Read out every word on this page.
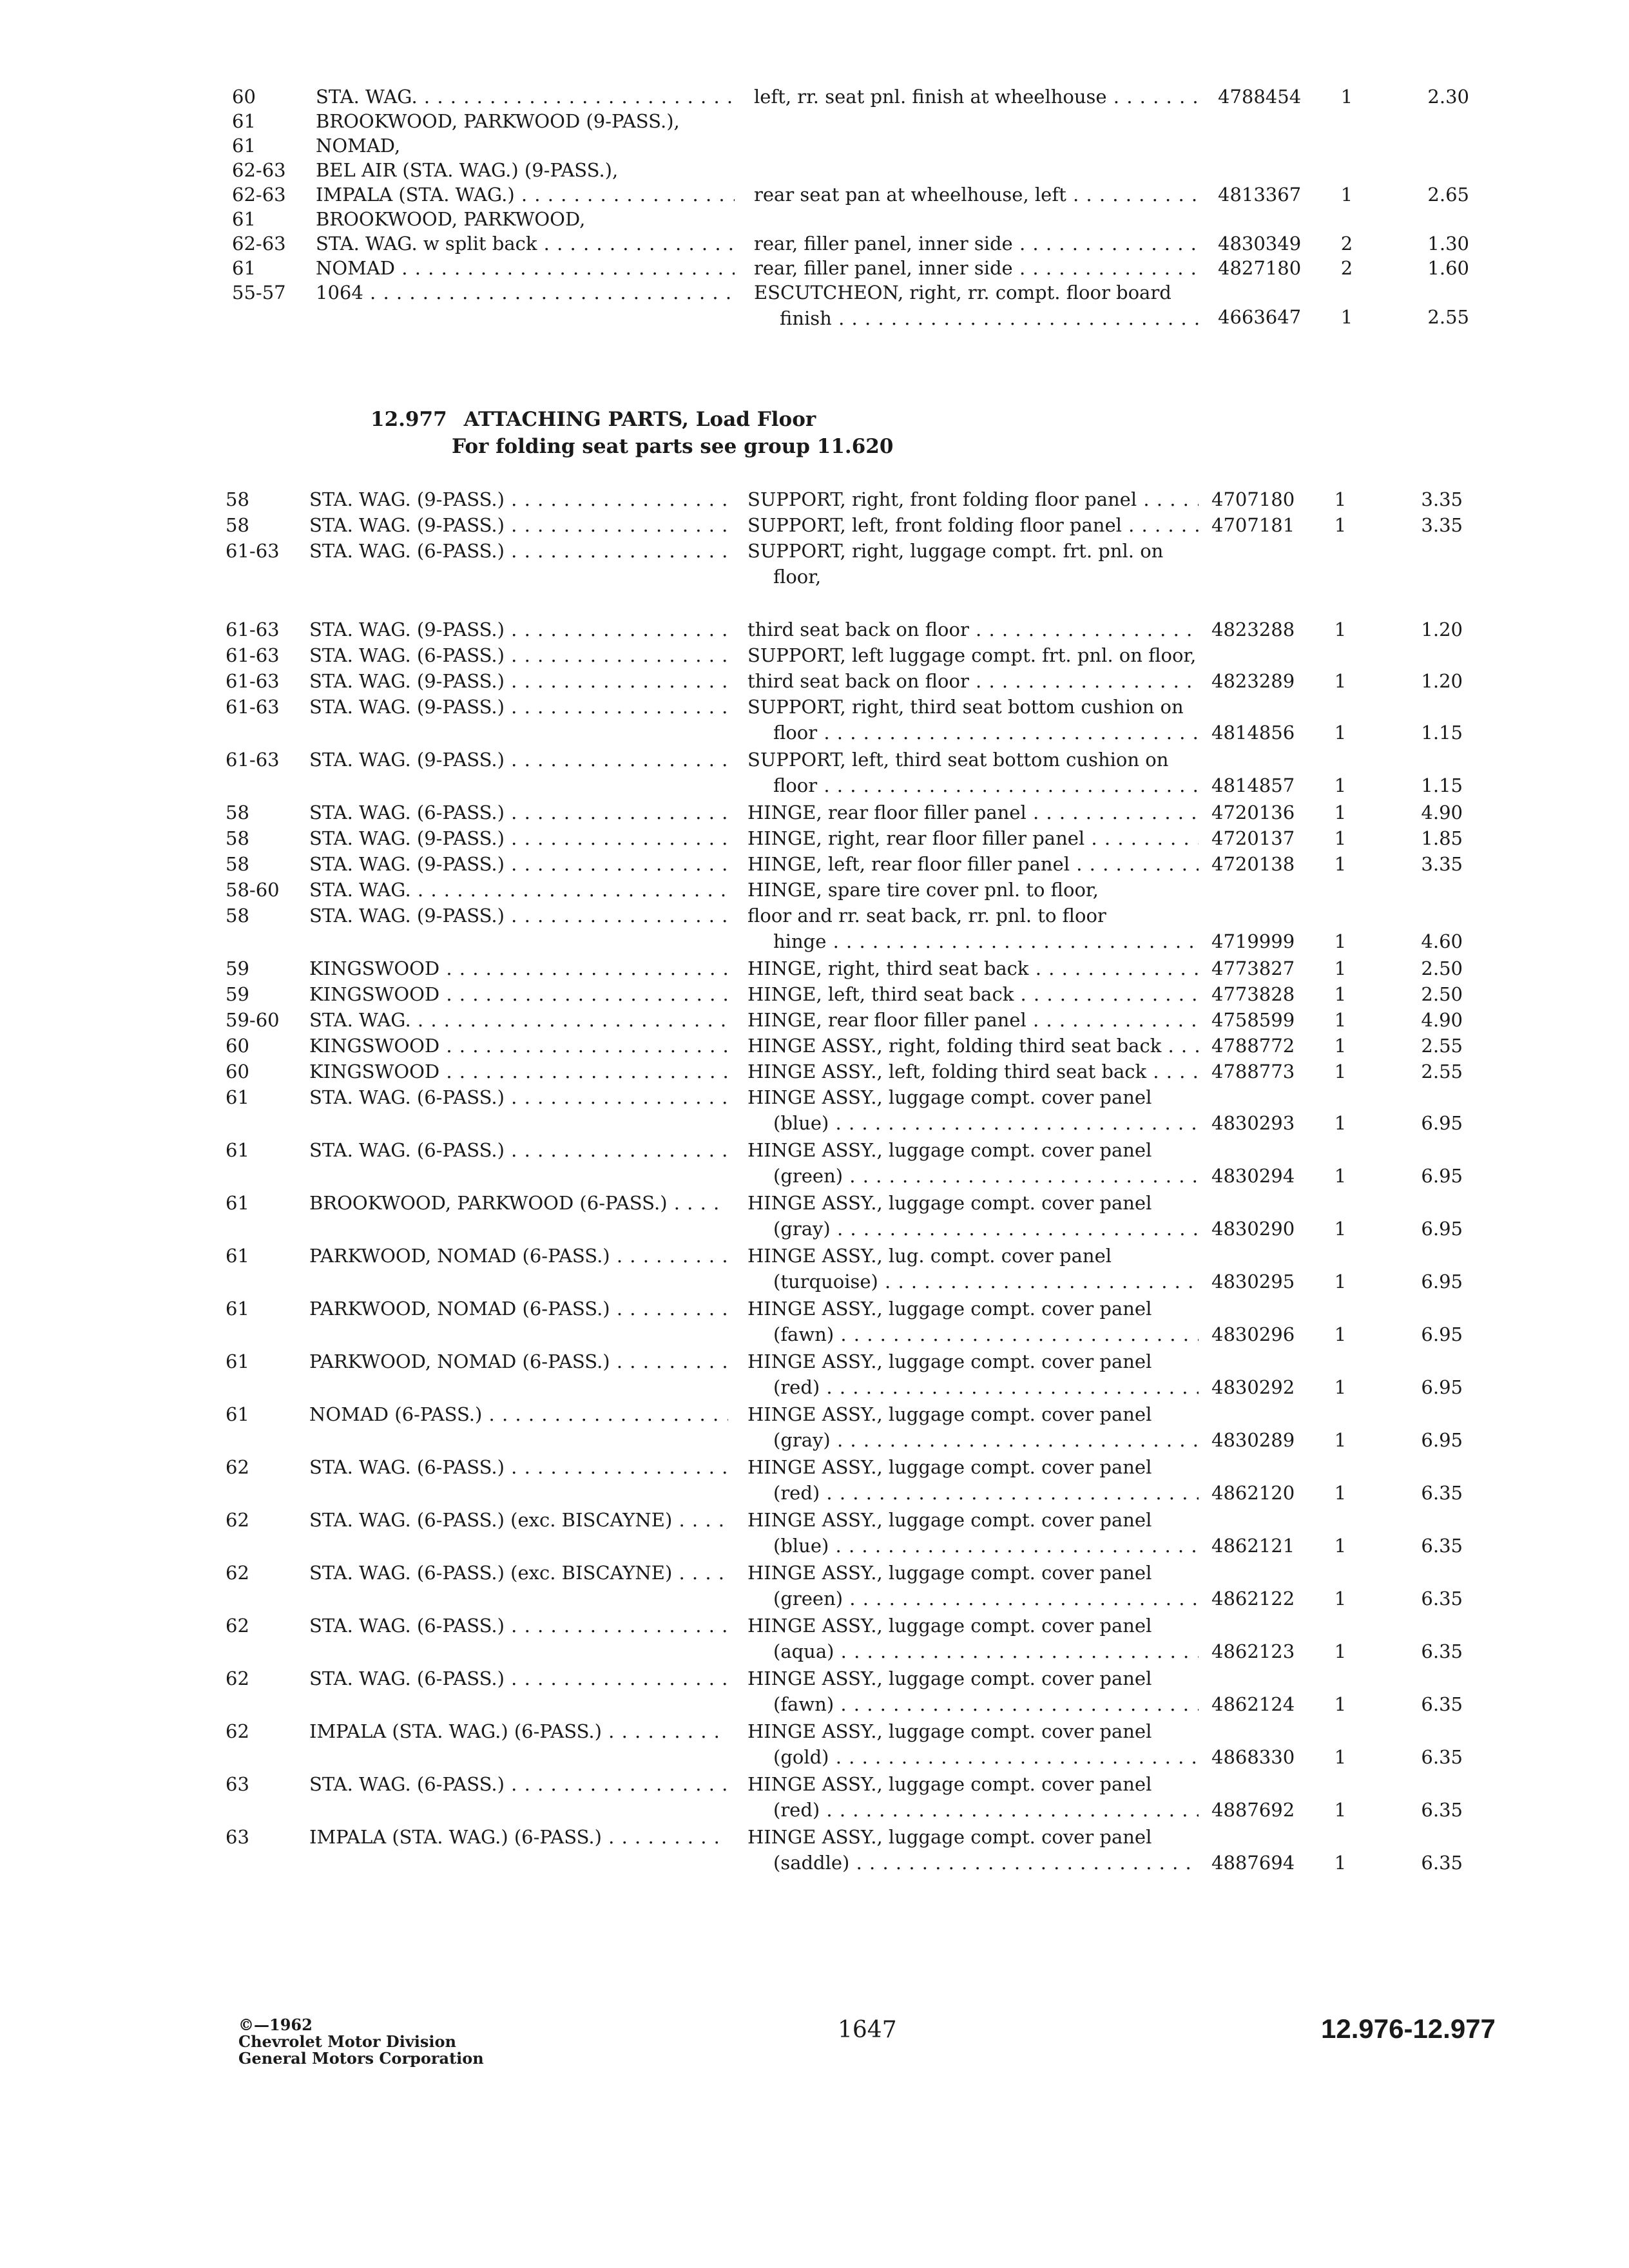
60	STA. WAG. . . .	left, rr. seat pnl. finish at wheelhouse . . .	4788454	1	2.30
61	BROOKWOOD, PARKWOOD (9-PASS.),
61	NOMAD,
62-63	BEL AIR (STA. WAG.) (9-PASS.),
62-63	IMPALA (STA. WAG.) . . .	rear seat pan at wheelhouse, left . . .	4813367	1	2.65
61	BROOKWOOD, PARKWOOD,
62-63	STA. WAG. w split back . . .	rear, filler panel, inner side . . .	4830349	2	1.30
61	NOMAD . . .	rear, filler panel, inner side . . .	4827180	2	1.60
55-57	1064 . . .	ESCUTCHEON, right, rr. compt. floor board
finish . . .	4663647	1	2.55
12.977 ATTACHING PARTS, Load Floor
For folding seat parts see group 11.620
58	STA. WAG. (9-PASS.) . . .	SUPPORT, right, front folding floor panel . . .	4707180	1	3.35
58	STA. WAG. (9-PASS.) . . .	SUPPORT, left, front folding floor panel . . .	4707181	1	3.35
61-63	STA. WAG. (6-PASS.) . . .	SUPPORT, right, luggage compt. frt. pnl. on
floor,
61-63	STA. WAG. (9-PASS.) . . .	third seat back on floor . . .	4823288	1	1.20
61-63	STA. WAG. (6-PASS.) . . .	SUPPORT, left luggage compt. frt. pnl. on floor,
61-63	STA. WAG. (9-PASS.) . . .	third seat back on floor . . .	4823289	1	1.20
61-63	STA. WAG. (9-PASS.) . . .	SUPPORT, right, third seat bottom cushion on
floor . . .	4814856	1	1.15
61-63	STA. WAG. (9-PASS.) . . .	SUPPORT, left, third seat bottom cushion on
floor . . .	4814857	1	1.15
58	STA. WAG. (6-PASS.) . . .	HINGE, rear floor filler panel . . .	4720136	1	4.90
58	STA. WAG. (9-PASS.) . . .	HINGE, right, rear floor filler panel . . .	4720137	1	1.85
58	STA. WAG. (9-PASS.) . . .	HINGE, left, rear floor filler panel . . .	4720138	1	3.35
58-60	STA. WAG. . . .	HINGE, spare tire cover pnl. to floor,
58	STA. WAG. (9-PASS.) . . .	floor and rr. seat back, rr. pnl. to floor
hinge . . .	4719999	1	4.60
59	KINGSWOOD . . .	HINGE, right, third seat back . . .	4773827	1	2.50
59	KINGSWOOD . . .	HINGE, left, third seat back . . .	4773828	1	2.50
59-60	STA. WAG. . . .	HINGE, rear floor filler panel . . .	4758599	1	4.90
60	KINGSWOOD . . .	HINGE ASSY., right, folding third seat back . . .	4788772	1	2.55
60	KINGSWOOD . . .	HINGE ASSY., left, folding third seat back . . .	4788773	1	2.55
61	STA. WAG. (6-PASS.) . . .	HINGE ASSY., luggage compt. cover panel
(blue) . . .	4830293	1	6.95
61	STA. WAG. (6-PASS.) . . .	HINGE ASSY., luggage compt. cover panel
(green) . . .	4830294	1	6.95
61	BROOKWOOD, PARKWOOD (6-PASS.) . . .	HINGE ASSY., luggage compt. cover panel
(gray) . . .	4830290	1	6.95
61	PARKWOOD, NOMAD (6-PASS.) . . .	HINGE ASSY., lug. compt. cover panel
(turquoise) . . .	4830295	1	6.95
61	PARKWOOD, NOMAD (6-PASS.) . . .	HINGE ASSY., luggage compt. cover panel
(fawn) . . .	4830296	1	6.95
61	PARKWOOD, NOMAD (6-PASS.) . . .	HINGE ASSY., luggage compt. cover panel
(red) . . .	4830292	1	6.95
61	NOMAD (6-PASS.) . . .	HINGE ASSY., luggage compt. cover panel
(gray) . . .	4830289	1	6.95
62	STA. WAG. (6-PASS.) . . .	HINGE ASSY., luggage compt. cover panel
(red) . . .	4862120	1	6.35
62	STA. WAG. (6-PASS.) (exc. BISCAYNE) . . .	HINGE ASSY., luggage compt. cover panel
(blue) . . .	4862121	1	6.35
62	STA. WAG. (6-PASS.) (exc. BISCAYNE) . . .	HINGE ASSY., luggage compt. cover panel
(green) . . .	4862122	1	6.35
62	STA. WAG. (6-PASS.) . . .	HINGE ASSY., luggage compt. cover panel
(aqua) . . .	4862123	1	6.35
62	STA. WAG. (6-PASS.) . . .	HINGE ASSY., luggage compt. cover panel
(fawn) . . .	4862124	1	6.35
62	IMPALA (STA. WAG.) (6-PASS.) . . .	HINGE ASSY., luggage compt. cover panel
(gold) . . .	4868330	1	6.35
63	STA. WAG. (6-PASS.) . . .	HINGE ASSY., luggage compt. cover panel
(red) . . .	4887692	1	6.35
63	IMPALA (STA. WAG.) (6-PASS.) . . .	HINGE ASSY., luggage compt. cover panel
(saddle) . . .	4887694	1	6.35
©—1962
Chevrolet Motor Division
General Motors Corporation
1647	12.976-12.977
